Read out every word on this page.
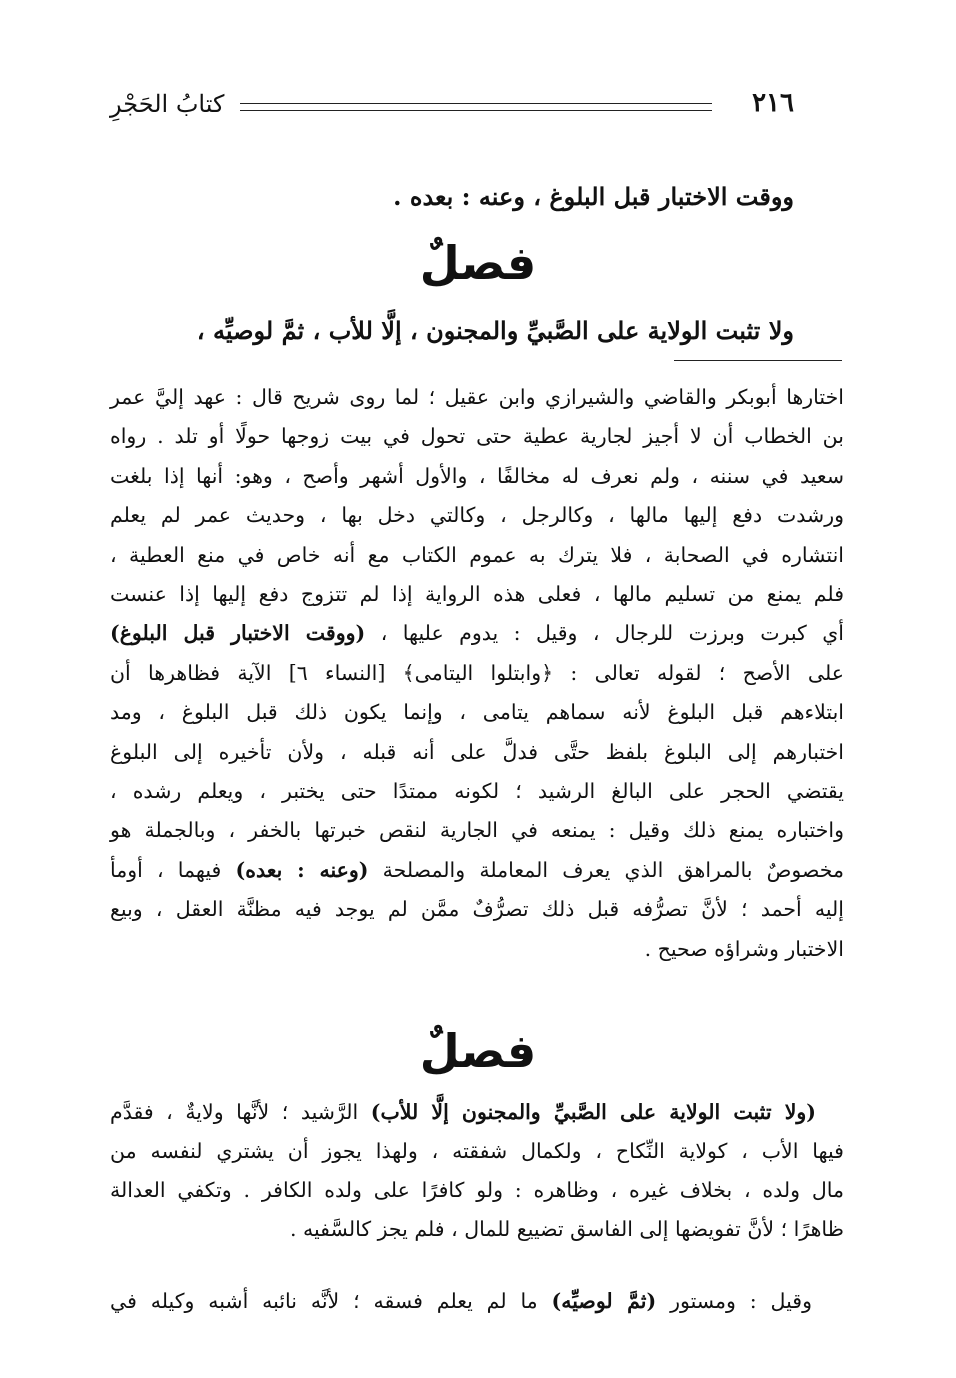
٢١٦
كتابُ الحَجْرِ
ووقت الاختبار قبل البلوغ ، وعنه : بعده .
فصلٌ
ولا تثبت الولاية على الصَّبيِّ والمجنون ، إلَّا للأب ، ثمَّ لوصيِّه ،
اختارها أبوبكر والقاضي والشيرازي وابن عقيل ؛ لما روى شريح قال : عهد إليَّ عمر
بن الخطاب أن لا أجيز لجارية عطية حتى تحول في بيت زوجها حولًا أو تلد . رواه
سعيد في سننه ، ولم نعرف له مخالفًا ، والأول أشهر وأصح ، وهو: أنها إذا بلغت
ورشدت دفع إليها مالها ، وكالرجل ، وكالتي دخل بها ، وحديث عمر لم يعلم
انتشاره في الصحابة ، فلا يترك به عموم الكتاب مع أنه خاص في منع العطية ،
فلم يمنع من تسليم مالها ، فعلى هذه الرواية إذا لم تتزوج دفع إليها إذا عنست
أي كبرت وبرزت للرجال ، وقيل : يدوم عليها ، (ووقت الاختبار قبل البلوغ)
على الأصح ؛ لقوله تعالى : ﴿وابتلوا اليتامى﴾ [النساء ٦] الآية فظاهرها أن
ابتلاءهم قبل البلوغ لأنه سماهم يتامى ، وإنما يكون ذلك قبل البلوغ ، ومد
اختبارهم إلى البلوغ بلفظ حتَّى فدلَّ على أنه قبله ، ولأن تأخيره إلى البلوغ
يقتضي الحجر على البالغ الرشيد ؛ لكونه ممتدًا حتى يختبر ، ويعلم رشده ،
واختباره يمنع ذلك وقيل : يمنعه في الجارية لنقص خبرتها بالخفر ، وبالجملة هو
مخصوصٌ بالمراهق الذي يعرف المعاملة والمصلحة (وعنه : بعده) فيهما ، أومأ
إليه أحمد ؛ لأنَّ تصرُّفه قبل ذلك تصرُّفٌ ممَّن لم يوجد فيه مظنَّة العقل ، وبيع
الاختبار وشراؤه صحيح .
فصلٌ
(ولا تثبت الولاية على الصَّبيِّ والمجنون إلَّا للأب) الرَّشيد ؛ لأنَّها ولايةٌ ، فقدَّم
فيها الأب ، كولاية النِّكاح ، ولكمال شفقته ، ولهذا يجوز أن يشتري لنفسه من
مال ولده ، بخلاف غيره ، وظاهره : ولو كافرًا على ولده الكافر . وتكفي العدالة
ظاهرًا ؛ لأنَّ تفويضها إلى الفاسق تضييع للمال ، فلم يجز كالسَّفيه .
وقيل : ومستور (ثمَّ لوصيِّه) ما لم يعلم فسقه ؛ لأنَّه نائبه أشبه وكيله في
